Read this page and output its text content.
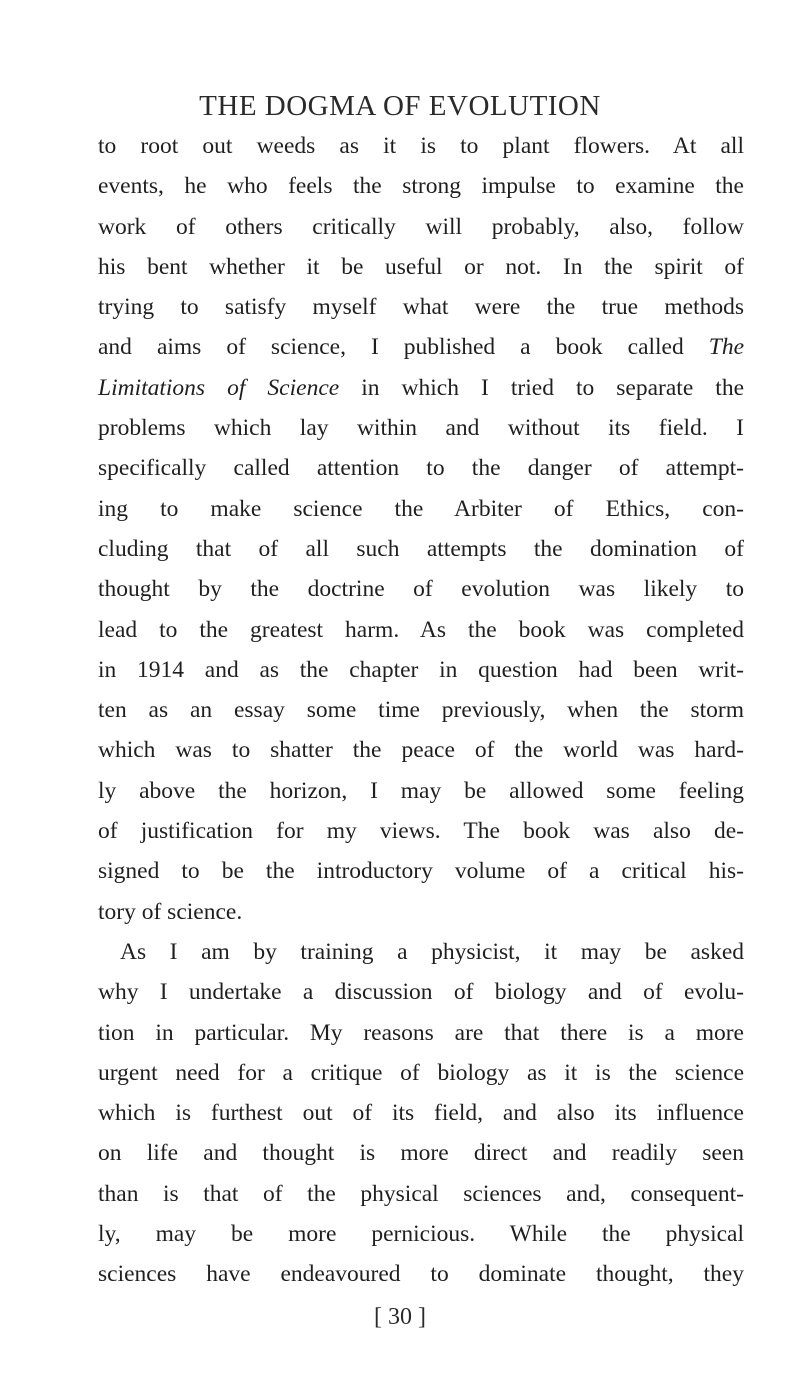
THE DOGMA OF EVOLUTION
to root out weeds as it is to plant flowers. At all
events, he who feels the strong impulse to examine the
work of others critically will probably, also, follow
his bent whether it be useful or not. In the spirit of
trying to satisfy myself what were the true methods
and aims of science, I published a book called The
Limitations of Science in which I tried to separate the
problems which lay within and without its field. I
specifically called attention to the danger of attempt-
ing to make science the Arbiter of Ethics, con-
cluding that of all such attempts the domination of
thought by the doctrine of evolution was likely to
lead to the greatest harm. As the book was completed
in 1914 and as the chapter in question had been writ-
ten as an essay some time previously, when the storm
which was to shatter the peace of the world was hard-
ly above the horizon, I may be allowed some feeling
of justification for my views. The book was also de-
signed to be the introductory volume of a critical his-
tory of science.
As I am by training a physicist, it may be asked
why I undertake a discussion of biology and of evolu-
tion in particular. My reasons are that there is a more
urgent need for a critique of biology as it is the science
which is furthest out of its field, and also its influence
on life and thought is more direct and readily seen
than is that of the physical sciences and, consequent-
ly, may be more pernicious. While the physical
sciences have endeavoured to dominate thought, they
[ 30 ]
